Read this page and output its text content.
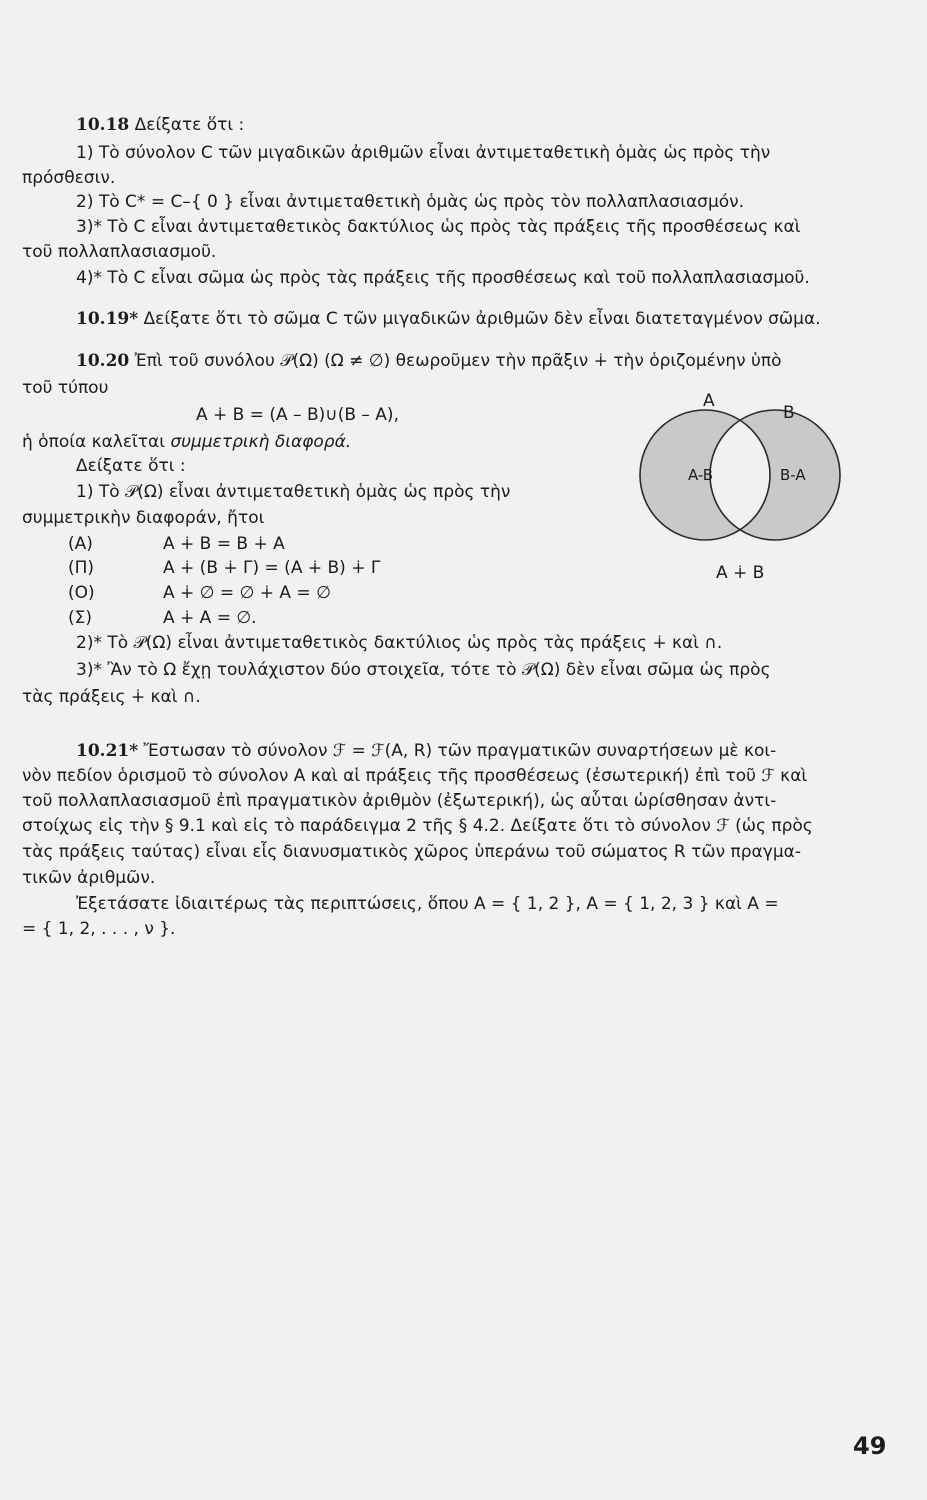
10.18 Δείξατε ὅτι :
1) Τὸ σύνολον C τῶν μιγαδικῶν ἀριθμῶν εἶναι ἀντιμεταθετικὴ ὁμὰς ὡς πρὸς τὴν
πρόσθεσιν.
2) Τὸ C* = C–{ 0 } εἶναι ἀντιμεταθετικὴ ὁμὰς ὡς πρὸς τὸν πολλαπλασιασμόν.
3)* Τὸ C εἶναι ἀντιμεταθετικὸς δακτύλιος ὡς πρὸς τὰς πράξεις τῆς προσθέσεως καὶ
τοῦ πολλαπλασιασμοῦ.
4)* Τὸ C εἶναι σῶμα ὡς πρὸς τὰς πράξεις τῆς προσθέσεως καὶ τοῦ πολλαπλασιασμοῦ.
10.19* Δείξατε ὅτι τὸ σῶμα C τῶν μιγαδικῶν ἀριθμῶν δὲν εἶναι διατεταγμένον σῶμα.
10.20 Ἐπὶ τοῦ συνόλου 𝒫(Ω) (Ω ≠ ∅) θεωροῦμεν τὴν πρᾶξιν ∔ τὴν ὁριζομένην ὑπὸ
τοῦ τύπου
A ∔ B = (A – B)∪(B – A),
ἡ ὁποία καλεῖται συμμετρικὴ διαφορά.
Δείξατε ὅτι :
1) Τὸ 𝒫(Ω) εἶναι ἀντιμεταθετικὴ ὁμὰς ὡς πρὸς τὴν
συμμετρικὴν διαφοράν, ἤτοι
(A)	A ∔ B = B ∔ A
(Π)	A ∔ (B ∔ Γ) = (A ∔ B) ∔ Γ
(O)	A ∔ ∅ = ∅ ∔ A = ∅
(Σ)	A ∔ A = ∅.
2)* Τὸ 𝒫(Ω) εἶναι ἀντιμεταθετικὸς δακτύλιος ὡς πρὸς τὰς πράξεις ∔ καὶ ∩.
3)* Ἂν τὸ Ω ἔχῃ τουλάχιστον δύο στοιχεῖα, τότε τὸ 𝒫(Ω) δὲν εἶναι σῶμα ὡς πρὸς
τὰς πράξεις ∔ καὶ ∩.
A
B
A-B	B-A
A ∔ B
10.21* Ἔστωσαν τὸ σύνολον ℱ = ℱ(A, R) τῶν πραγματικῶν συναρτήσεων μὲ κοι-
νὸν πεδίον ὁρισμοῦ τὸ σύνολον A καὶ αἱ πράξεις τῆς προσθέσεως (ἐσωτερική) ἐπὶ τοῦ ℱ καὶ
τοῦ πολλαπλασιασμοῦ ἐπὶ πραγματικὸν ἀριθμὸν (ἐξωτερική), ὡς αὗται ὡρίσθησαν ἀντι-
στοίχως εἰς τὴν § 9.1 καὶ εἰς τὸ παράδειγμα 2 τῆς § 4.2. Δείξατε ὅτι τὸ σύνολον ℱ (ὡς πρὸς
τὰς πράξεις ταύτας) εἶναι εἷς διανυσματικὸς χῶρος ὑπεράνω τοῦ σώματος R τῶν πραγμα-
τικῶν ἀριθμῶν.
Ἐξετάσατε ἰδιαιτέρως τὰς περιπτώσεις, ὅπου A = { 1, 2 }, A = { 1, 2, 3 } καὶ A =
= { 1, 2, . . . , ν }.
49
